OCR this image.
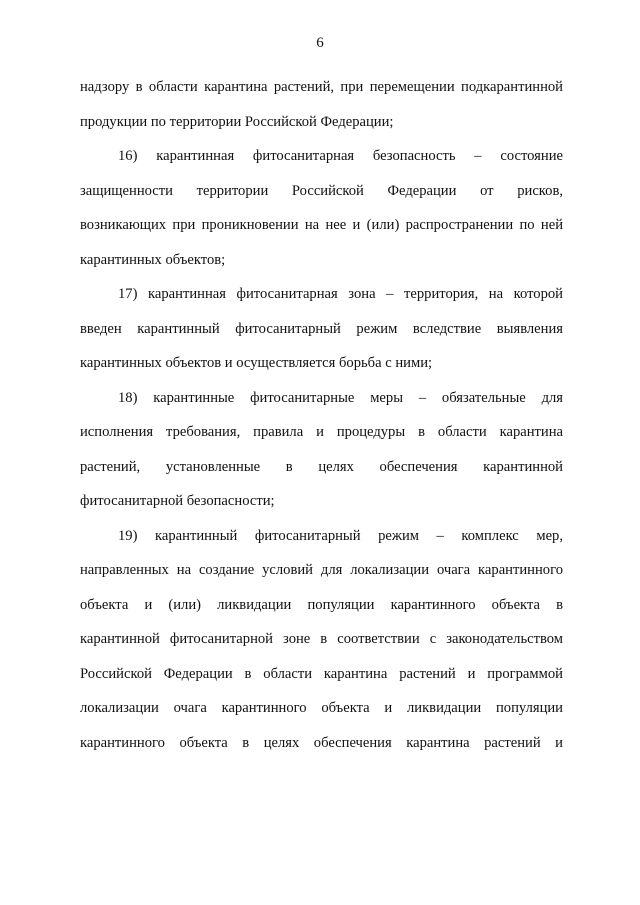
6
надзору в области карантина растений, при перемещении подкарантинной
продукции по территории Российской Федерации;
16) карантинная фитосанитарная безопасность – состояние
защищенности территории Российской Федерации от рисков,
возникающих при проникновении на нее и (или) распространении по ней
карантинных объектов;
17) карантинная фитосанитарная зона – территория, на которой
введен карантинный фитосанитарный режим вследствие выявления
карантинных объектов и осуществляется борьба с ними;
18) карантинные фитосанитарные меры – обязательные для
исполнения требования, правила и процедуры в области карантина
растений, установленные в целях обеспечения карантинной
фитосанитарной безопасности;
19) карантинный фитосанитарный режим – комплекс мер,
направленных на создание условий для локализации очага карантинного
объекта и (или) ликвидации популяции карантинного объекта в
карантинной фитосанитарной зоне в соответствии с законодательством
Российской Федерации в области карантина растений и программой
локализации очага карантинного объекта и ликвидации популяции
карантинного объекта в целях обеспечения карантина растений и
